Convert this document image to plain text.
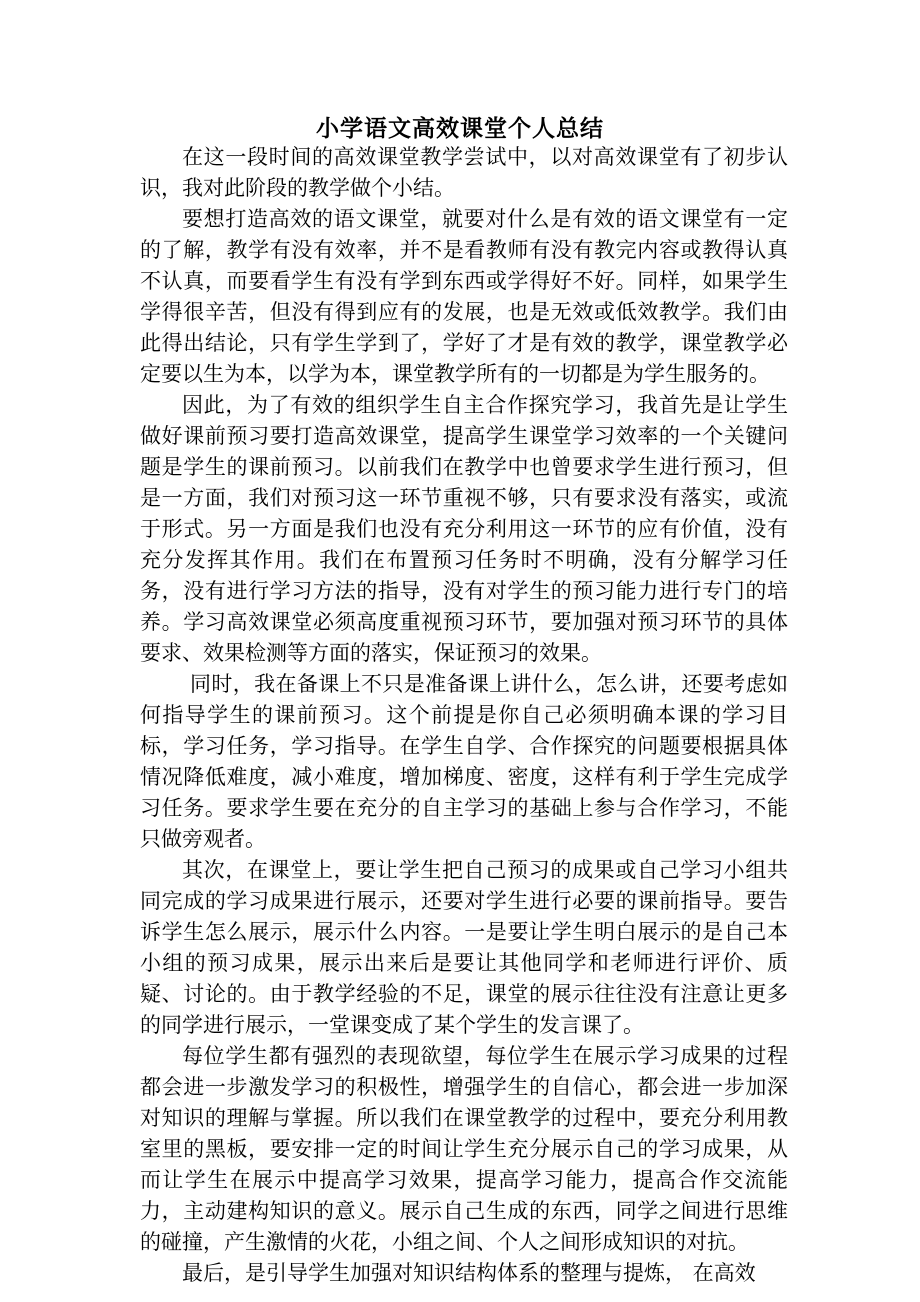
小学语文高效课堂个人总结

在这一段时间的高效课堂教学尝试中，以对高效课堂有了初步认识，我对此阶段的教学做个小结。

要想打造高效的语文课堂，就要对什么是有效的语文课堂有一定的了解，教学有没有效率，并不是看教师有没有教完内容或教得认真不认真，而要看学生有没有学到东西或学得好不好。同样，如果学生学得很辛苦，但没有得到应有的发展，也是无效或低效教学。我们由此得出结论，只有学生学到了，学好了才是有效的教学，课堂教学必定要以生为本，以学为本，课堂教学所有的一切都是为学生服务的。

因此，为了有效的组织学生自主合作探究学习，我首先是让学生做好课前预习要打造高效课堂，提高学生课堂学习效率的一个关键问题是学生的课前预习。以前我们在教学中也曾要求学生进行预习，但是一方面，我们对预习这一环节重视不够，只有要求没有落实，或流于形式。另一方面是我们也没有充分利用这一环节的应有价值，没有充分发挥其作用。我们在布置预习任务时不明确，没有分解学习任务，没有进行学习方法的指导，没有对学生的预习能力进行专门的培养。学习高效课堂必须高度重视预习环节，要加强对预习环节的具体要求、效果检测等方面的落实，保证预习的效果。

同时，我在备课上不只是准备课上讲什么，怎么讲，还要考虑如何指导学生的课前预习。这个前提是你自己必须明确本课的学习目标，学习任务，学习指导。在学生自学、合作探究的问题要根据具体情况降低难度，减小难度，增加梯度、密度，这样有利于学生完成学习任务。要求学生要在充分的自主学习的基础上参与合作学习，不能只做旁观者。

其次，在课堂上，要让学生把自己预习的成果或自己学习小组共同完成的学习成果进行展示，还要对学生进行必要的课前指导。要告诉学生怎么展示，展示什么内容。一是要让学生明白展示的是自己本小组的预习成果，展示出来后是要让其他同学和老师进行评价、质疑、讨论的。由于教学经验的不足，课堂的展示往往没有注意让更多的同学进行展示，一堂课变成了某个学生的发言课了。

每位学生都有强烈的表现欲望，每位学生在展示学习成果的过程都会进一步激发学习的积极性，增强学生的自信心，都会进一步加深对知识的理解与掌握。所以我们在课堂教学的过程中，要充分利用教室里的黑板，要安排一定的时间让学生充分展示自己的学习成果，从而让学生在展示中提高学习效果，提高学习能力，提高合作交流能力，主动建构知识的意义。展示自己生成的东西，同学之间进行思维的碰撞，产生激情的火花，小组之间、个人之间形成知识的对抗。

最后，是引导学生加强对知识结构体系的整理与提炼， 在高效
